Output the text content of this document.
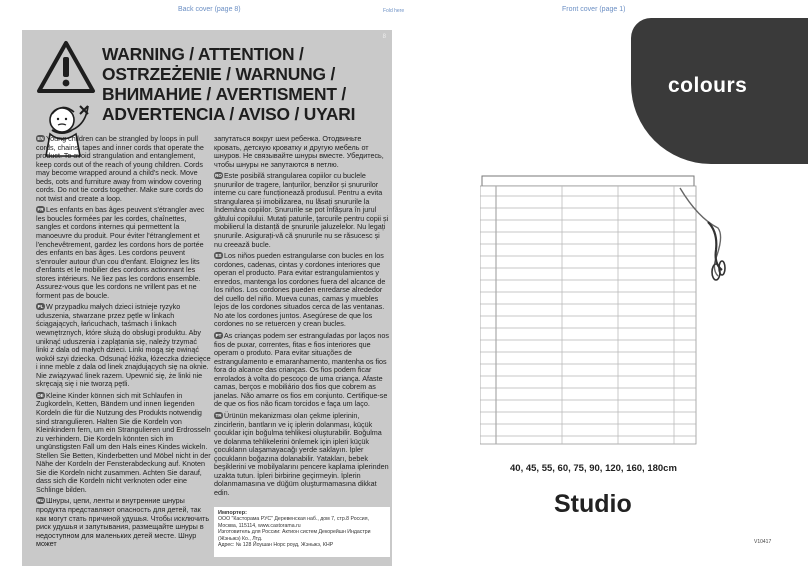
Back cover (page 8)	Fold here	Front cover (page 1)
8
WARNING / ATTENTION /
OSTRZEŻENIE / WARNUNG /
ВНИМАНИЕ / AVERTISMENT /
ADVERTENCIA / AVISO / UYARI
EN Young children can be strangled by loops in pull cords, chains, tapes and inner cords that operate the product. To avoid strangulation and entanglement, keep cords out of the reach of young children. Cords may become wrapped around a child's neck. Move beds, cots and furniture away from window covering cords. Do not tie cords together. Make sure cords do not twist and create a loop.
FR Les enfants en bas âges peuvent s'étrangler avec les boucles formées par les cordes, chaînettes, sangles et cordons internes qui permettent la manoeuvre du produit. Pour éviter l'étranglement et l'enchevêtrement, gardez les cordons hors de portée des enfants en bas âges. Les cordons peuvent s'enrouler autour d'un cou d'enfant. Eloignez les lits d'enfants et le mobilier des cordons actionnant les stores intérieurs. Ne liez pas les cordons ensemble. Assurez-vous que les cordons ne vrillent pas et ne forment pas de boucle.
PL W przypadku małych dzieci istnieje ryzyko uduszenia, stwarzane przez pętle w linkach ściągających, łańcuchach, taśmach i linkach wewnętrznych, które służą do obsługi produktu. Aby uniknąć uduszenia i zaplątania się, należy trzymać linki z dala od małych dzieci. Linki mogą się owinąć wokół szyi dziecka. Odsunąć łóżka, łóżeczka dziecięce i inne meble z dala od linek znajdujących się na oknie. Nie związywać linek razem. Upewnić się, że linki nie skręcają się i nie tworzą pętli.
DE Kleine Kinder können sich mit Schlaufen in Zugkordeln, Ketten, Bändern und innen liegenden Kordeln die für die Nutzung des Produkts notwendig sind strangulieren. Halten Sie die Kordeln von Kleinkindern fern, um ein Strangulieren und Erdrosseln zu verhindern. Die Kordeln könnten sich im ungünstigsten Fall um den Hals eines Kindes wickeln. Stellen Sie Betten, Kinderbetten und Möbel nicht in der Nähe der Kordeln der Fensterabdeckung auf. Knoten Sie die Kordeln nicht zusammen. Achten Sie darauf, dass sich die Kordeln nicht verknoten oder eine Schlinge bilden.
RU Шнуры, цепи, ленты и внутренние шнуры продукта представляют опасность для детей, так как могут стать причиной удушья. Чтобы исключить риск удушья и запутывания, размещайте шнуры в недоступном для маленьких детей месте. Шнур может
запутаться вокруг шеи ребенка. Отодвиньте кровать, детскую кроватку и другую мебель от шнуров. Не связывайте шнуры вместе. Убедитесь, чтобы шнуры не запутаются в петлю.
RO Este posibilă strangularea copiilor cu buclele șnururilor de tragere, lanțurilor, benzilor și șnururilor interne cu care funcționează produsul. Pentru a evita strangularea și imobilizarea, nu lăsați șnururile la îndemâna copiilor. Șnururile se pot înfășura în jurul gâtului copilului. Mutați paturile, țarcurile pentru copii și mobilierul la distanță de șnururile jaluzelelor. Nu legați șnururile. Asigurați-vă că șnururile nu se răsucesc și nu creează bucle.
ES Los niños pueden estrangularse con bucles en los cordones, cadenas, cintas y cordones interiores que operan el producto. Para evitar estrangulamientos y enredos, mantenga los cordones fuera del alcance de los niños. Los cordones pueden enredarse alrededor del cuello del niño. Mueva cunas, camas y muebles lejos de los cordones situados cerca de las ventanas. No ate los cordones juntos. Asegúrese de que los cordones no se retuercen y crean bucles.
PT As crianças podem ser estranguladas por laços nos fios de puxar, correntes, fitas e fios interiores que operam o produto. Para evitar situações de estrangulamento e emaranhamento, mantenha os fios fora do alcance das crianças. Os fios podem ficar enrolados à volta do pescoço de uma criança. Afaste camas, berços e mobiliário dos fios que cobrem as janelas. Não amarre os fios em conjunto. Certifique-se de que os fios não ficam torcidos e faça um laço.
TR Ürünün mekanizması olan çekme iplerinin, zincirlerin, bantların ve iç iplerin dolanması, küçük çocuklar için boğulma tehlikesi oluşturabilir. Boğulma ve dolanma tehlikelerini önlemek için ipleri küçük çocukların ulaşamayacağı yerde saklayın. İpler çocukların boğazına dolanabilir. Yatakları, bebek beşiklerini ve mobilyalarını pencere kaplama iplerinden uzakta tutun. İpleri birbirine geçirmeyin. İplerin dolanmamasına ve düğüm oluşturmamasına dikkat edin.
Импортер:
ООО "Касторама РУС" Деревенская наб., дом 7, стр.8 Россия, Москва, 115114, www.castorama.ru
Изготовитель для России: Актион систем Декорейшн Индастри (Жэньжэ) Ко., Лтд.
Адрес: № 128 Йоушан Норс роуд, Жэньжэ, КНР
colours
40, 45, 55, 60, 75, 90, 120, 160, 180cm
Studio
V10417
